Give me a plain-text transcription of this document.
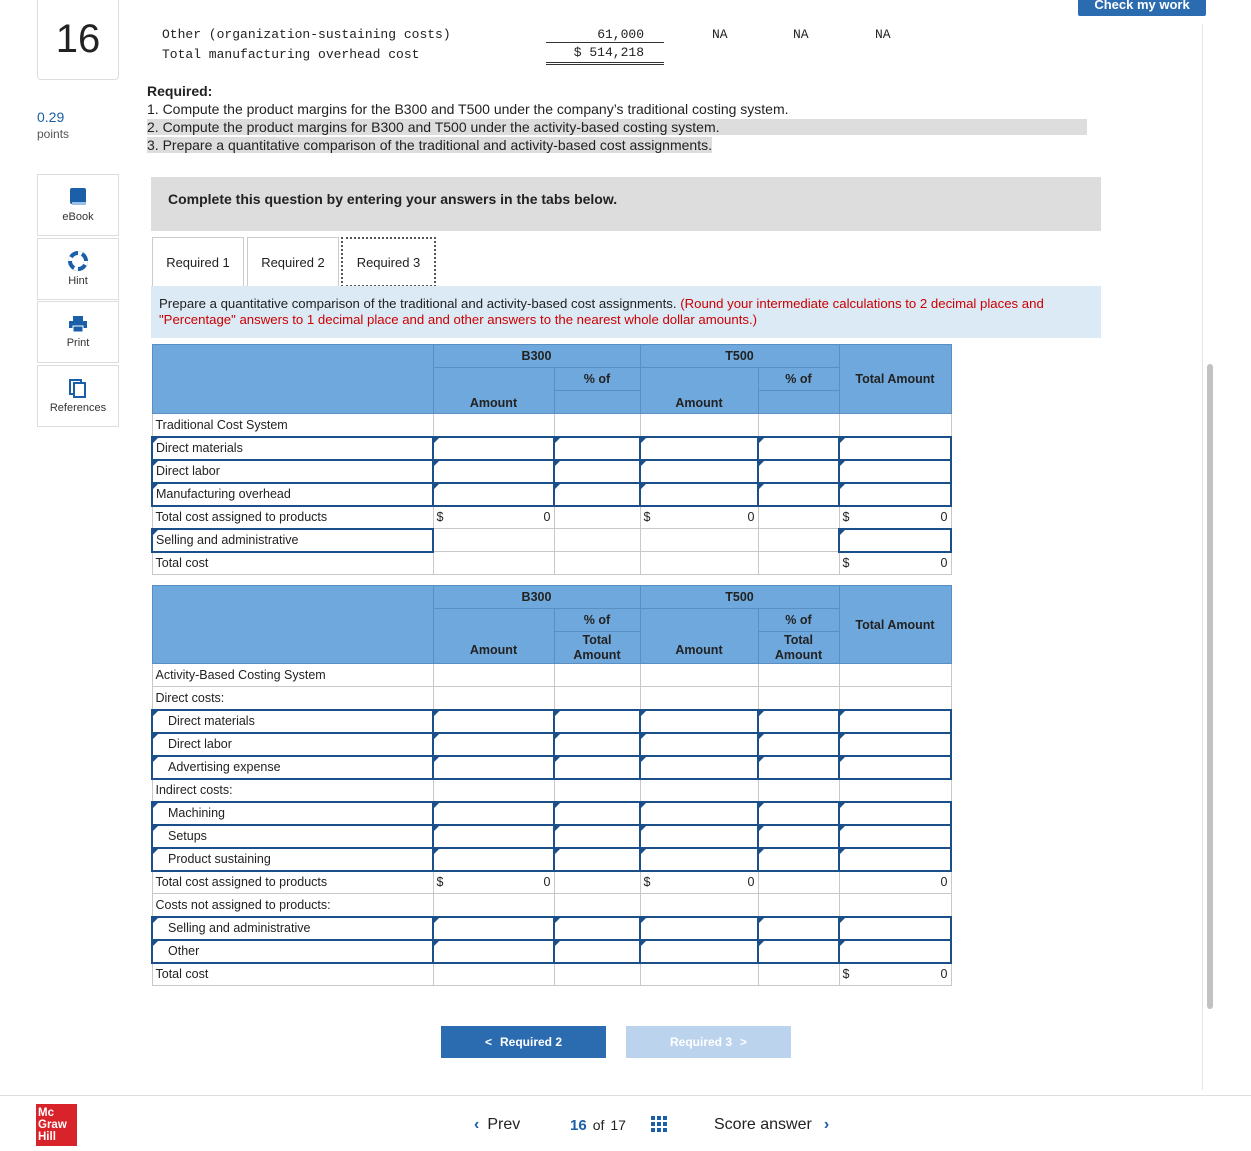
16
0.29
points
eBook
Hint
Print
References
Mc
Graw
Hill
Check my work
Other (organization-sustaining costs)	61,000	NA	NA	NA
Total manufacturing overhead cost	$ 514,218
Required:
1. Compute the product margins for the B300 and T500 under the company’s traditional costing system.
2. Compute the product margins for B300 and T500 under the activity-based costing system.
3. Prepare a quantitative comparison of the traditional and activity-based cost assignments.
Complete this question by entering your answers in the tabs below.
Required 1	Required 2	Required 3
Prepare a quantitative comparison of the traditional and activity-based cost assignments. (Round your intermediate calculations to 2 decimal places and "Percentage" answers to 1 decimal place and and other answers to the nearest whole dollar amounts.)
	B300		T500		Total Amount
	Amount	% of	Amount	% of	

Traditional Cost System					
Direct materials					
Direct labor					
Manufacturing overhead					
Total cost assigned to products	$ 0		$ 0		$ 0

Selling and administrative					
Total cost					$ 0
	B300		T500		Total Amount
	Amount	% of	Amount	% of	
		Total Amount		Total Amount	
Activity-Based Costing System					
Direct costs:					
Direct materials					
Direct labor					
Advertising expense					
Indirect costs:					
Machining					
Setups					
Product sustaining					
Total cost assigned to products	$ 0		$ 0		0

Costs not assigned to products:					
Selling and administrative					
Other					
Total cost					$ 0
< Required 2	Required 3 >
‹ Prev	16 of 17	Score answer ›
